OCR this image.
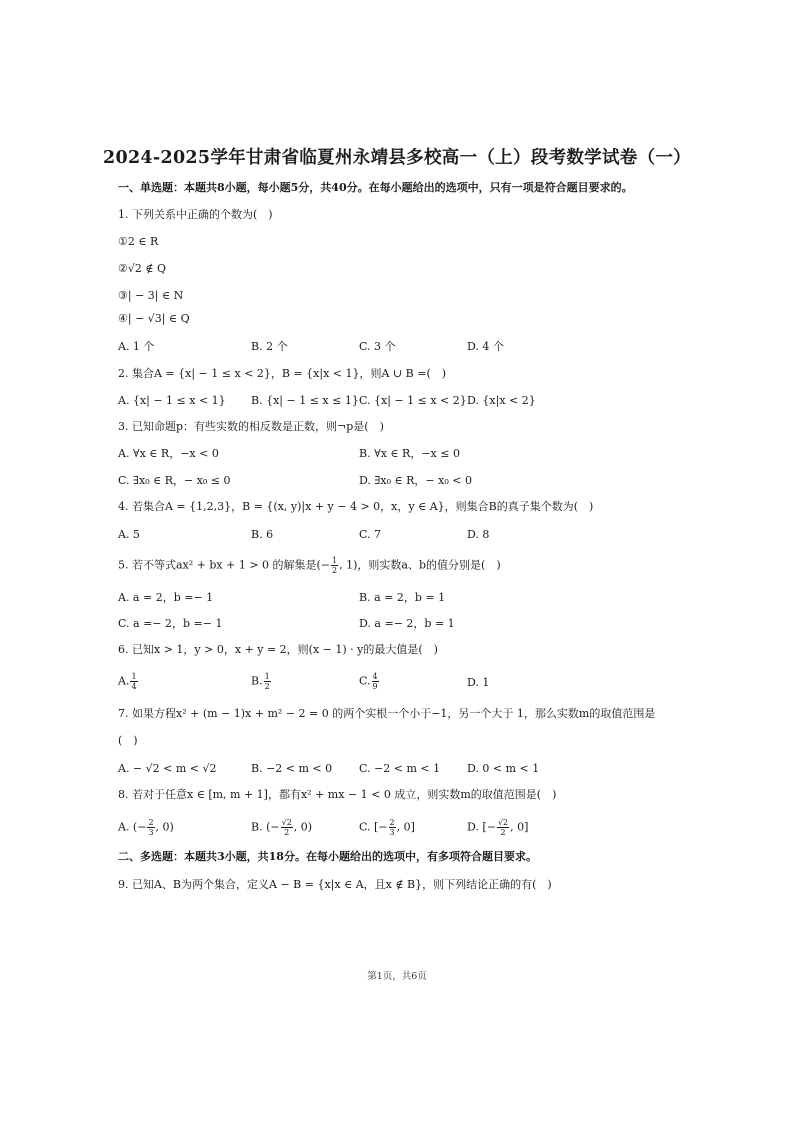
2024-2025学年甘肃省临夏州永靖县多校高一（上）段考数学试卷（一）
一、单选题：本题共8小题，每小题5分，共40分。在每小题给出的选项中，只有一项是符合题目要求的。
1. 下列关系中正确的个数为(　)
①2 ∈ R
②√2 ∉ Q
③| − 3| ∈ N
④| − √3| ∈ Q
A. 1 个	B. 2 个	C. 3 个	D. 4 个
2. 集合A = {x| − 1 ≤ x < 2}，B = {x|x < 1}，则A ∪ B =(　)
A. {x| − 1 ≤ x < 1} B. {x| − 1 ≤ x ≤ 1} C. {x| − 1 ≤ x < 2} D. {x|x < 2}
3. 已知命题p：有些实数的相反数是正数，则¬p是(　)
A. ∀x ∈ R，−x < 0	B. ∀x ∈ R，−x ≤ 0
C. ∃x₀ ∈ R，− x₀ ≤ 0	D. ∃x₀ ∈ R，− x₀ < 0
4. 若集合A = {1,2,3}，B = {(x, y)|x + y − 4 > 0，x，y ∈ A}，则集合B的真子集个数为(　)
A. 5	B. 6	C. 7	D. 8
5. 若不等式ax² + bx + 1 > 0 的解集是(− $\frac{1}{2}$ , 1)，则实数a、b的值分别是(　)
A. a = 2，b =− 1	B. a = 2，b = 1
C. a =− 2，b =− 1	D. a =− 2，b = 1
6. 已知x > 1，y > 0，x + y = 2，则(x − 1) · y的最大值是(　)
A. $\frac{1}{4}$	B. $\frac{1}{2}$	C. $\frac{4}{9}$	D. 1
7. 如果方程x² + (m − 1)x + m² − 2 = 0 的两个实根一个小于−1，另一个大于 1，那么实数m的取值范围是
(　)
A. − √2 < m < √2	B. −2 < m < 0 C. −2 < m < 1 D. 0 < m < 1
8. 若对于任意x ∈ [m, m + 1]，都有x² + mx − 1 < 0 成立，则实数m的取值范围是(　)
A. (− $\frac{2}{3}$ , 0)	B. (− $\frac{√2}{2}$ , 0)	C. [− $\frac{2}{3}$ , 0]	D. [− $\frac{√2}{2}$ , 0]
二、多选题：本题共3小题，共18分。在每小题给出的选项中，有多项符合题目要求。
9. 已知A、B为两个集合，定义A − B = {x|x ∈ A，且x ∉ B}，则下列结论正确的有(　)
第1页，共6页
